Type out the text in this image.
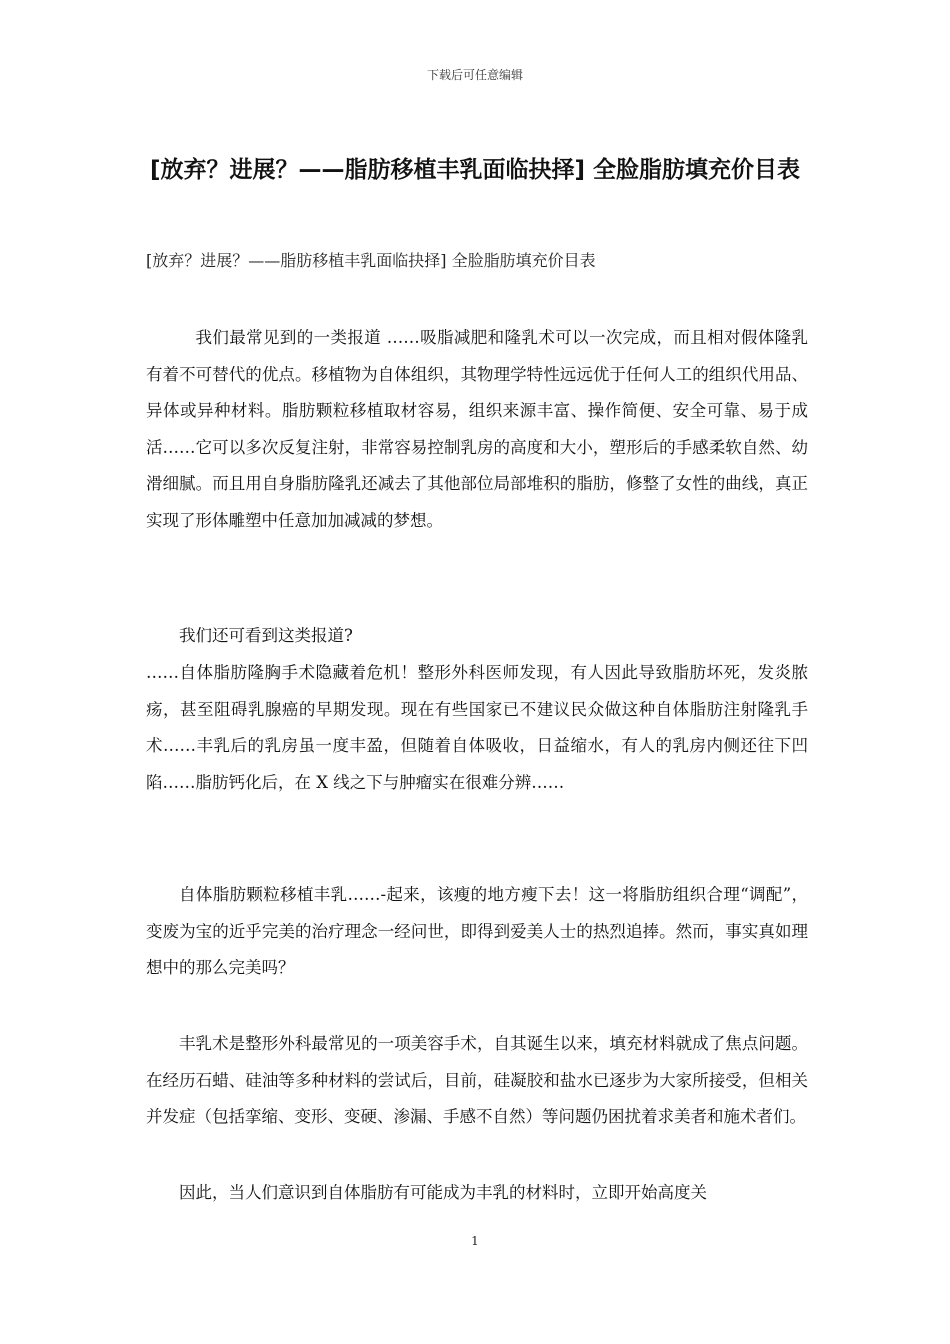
下载后可任意编辑
[放弃？进展？——脂肪移植丰乳面临抉择] 全脸脂肪填充价目表
[放弃？进展？——脂肪移植丰乳面临抉择] 全脸脂肪填充价目表

我们最常见到的一类报道 ……吸脂减肥和隆乳术可以一次完成，而且相对假体隆乳有着不可替代的优点。移植物为自体组织，其物理学特性远远优于任何人工的组织代用品、异体或异种材料。脂肪颗粒移植取材容易，组织来源丰富、操作简便、安全可靠、易于成活……它可以多次反复注射，非常容易控制乳房的高度和大小，塑形后的手感柔软自然、幼滑细腻。而且用自身脂肪隆乳还减去了其他部位局部堆积的脂肪，修整了女性的曲线，真正实现了形体雕塑中任意加加减减的梦想。

我们还可看到这类报道?

……自体脂肪隆胸手术隐藏着危机！整形外科医师发现，有人因此导致脂肪坏死，发炎脓疡，甚至阻碍乳腺癌的早期发现。现在有些国家已不建议民众做这种自体脂肪注射隆乳手术……丰乳后的乳房虽一度丰盈，但随着自体吸收，日益缩水，有人的乳房内侧还往下凹陷……脂肪钙化后，在 X 线之下与肿瘤实在很难分辨……

自体脂肪颗粒移植丰乳……-起来，该瘦的地方瘦下去！这一将脂肪组织合理“调配”，变废为宝的近乎完美的治疗理念一经问世，即得到爱美人士的热烈追捧。然而，事实真如理想中的那么完美吗？

丰乳术是整形外科最常见的一项美容手术，自其诞生以来，填充材料就成了焦点问题。在经历石蜡、硅油等多种材料的尝试后，目前，硅凝胶和盐水已逐步为大家所接受，但相关并发症（包括挛缩、变形、变硬、渗漏、手感不自然）等问题仍困扰着求美者和施术者们。

因此，当人们意识到自体脂肪有可能成为丰乳的材料时，立即开始高度关

1
